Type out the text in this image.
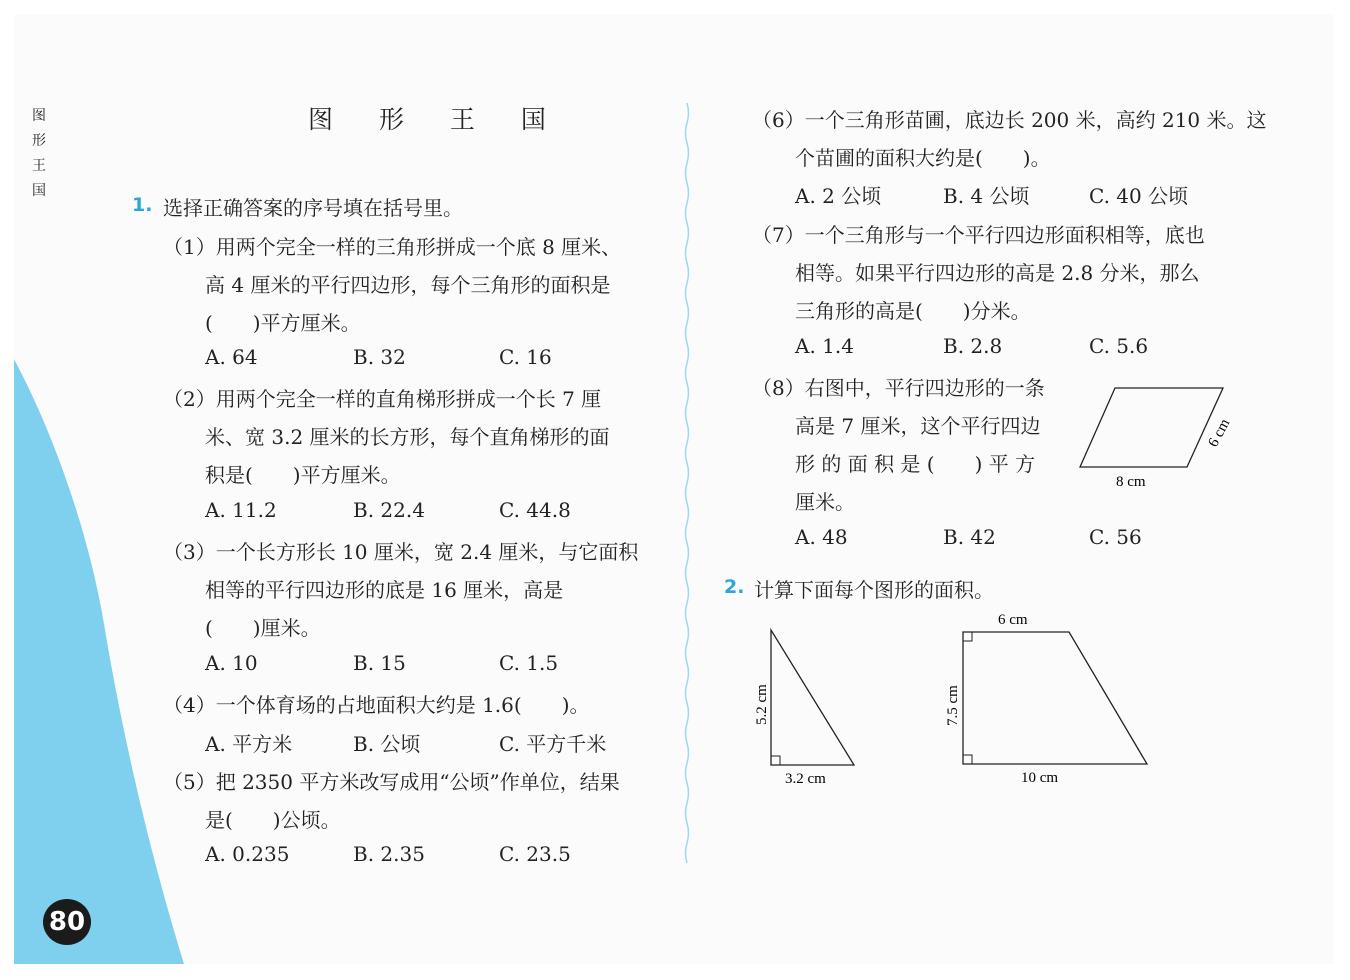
图
形
王
国
80
图 形 王 国
1. 选择正确答案的序号填在括号里。
（1）用两个完全一样的三角形拼成一个底 8 厘米、
高 4 厘米的平行四边形，每个三角形的面积是
(　　)平方厘米。
A. 64	B. 32	C. 16
（2）用两个完全一样的直角梯形拼成一个长 7 厘
米、宽 3.2 厘米的长方形，每个直角梯形的面
积是(　　)平方厘米。
A. 11.2	B. 22.4	C. 44.8
（3）一个长方形长 10 厘米，宽 2.4 厘米，与它面积
相等的平行四边形的底是 16 厘米，高是
(　　)厘米。
A. 10	B. 15	C. 1.5
（4）一个体育场的占地面积大约是 1.6(　　)。
A. 平方米	B. 公顷	C. 平方千米
（5）把 2350 平方米改写成用“公顷”作单位，结果
是(　　)公顷。
A. 0.235	B. 2.35	C. 23.5
（6）一个三角形苗圃，底边长 200 米，高约 210 米。这
个苗圃的面积大约是(　　)。
A. 2 公顷	B. 4 公顷	C. 40 公顷
（7）一个三角形与一个平行四边形面积相等，底也
相等。如果平行四边形的高是 2.8 分米，那么
三角形的高是(　　)分米。
A. 1.4	B. 2.8	C. 5.6
（8）右图中，平行四边形的一条
高是 7 厘米，这个平行四边
形 的 面 积 是 (　　) 平 方
厘米。
A. 48	B. 42	C. 56
8 cm
6 cm
2. 计算下面每个图形的面积。
5.2 cm
3.2 cm
6 cm
7.5 cm
10 cm
